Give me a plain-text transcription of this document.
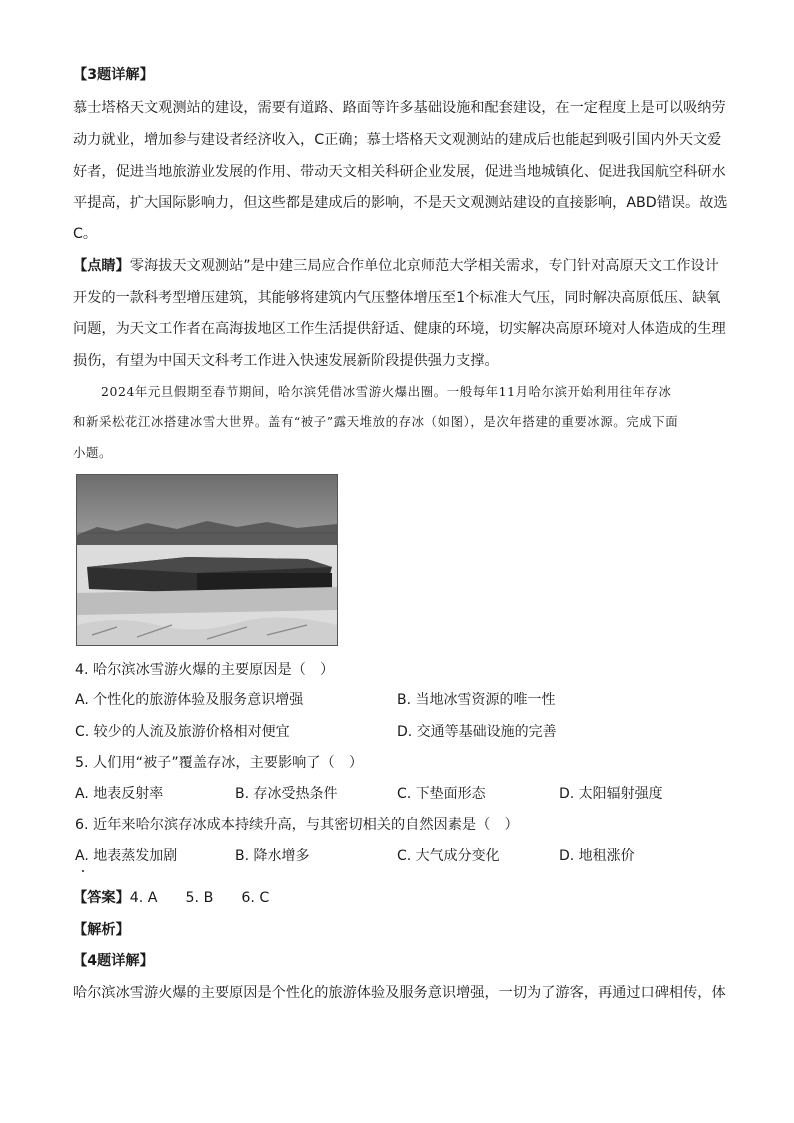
【3题详解】
慕士塔格天文观测站的建设，需要有道路、路面等许多基础设施和配套建设，在一定程度上是可以吸纳劳
动力就业，增加参与建设者经济收入，C正确；慕士塔格天文观测站的建成后也能起到吸引国内外天文爱
好者，促进当地旅游业发展的作用、带动天文相关科研企业发展，促进当地城镇化、促进我国航空科研水
平提高，扩大国际影响力，但这些都是建成后的影响，不是天文观测站建设的直接影响，ABD错误。故选
C。
【点睛】零海拔天文观测站”是中建三局应合作单位北京师范大学相关需求，专门针对高原天文工作设计
开发的一款科考型增压建筑，其能够将建筑内气压整体增压至1个标准大气压，同时解决高原低压、缺氧
问题，为天文工作者在高海拔地区工作生活提供舒适、健康的环境，切实解决高原环境对人体造成的生理
损伤，有望为中国天文科考工作进入快速发展新阶段提供强力支撑。
2024年元旦假期至春节期间，哈尔滨凭借冰雪游火爆出圈。一般每年11月哈尔滨开始利用往年存冰
和新采松花江冰搭建冰雪大世界。盖有“被子”露天堆放的存冰（如图），是次年搭建的重要冰源。完成下面
小题。
4. 哈尔滨冰雪游火爆的主要原因是（　）
A. 个性化的旅游体验及服务意识增强	B. 当地冰雪资源的唯一性
C. 较少的人流及旅游价格相对便宜	D. 交通等基础设施的完善
5. 人们用“被子”覆盖存冰，主要影响了（　）
A. 地表反射率	B. 存冰受热条件	C. 下垫面形态	D. 太阳辐射强度
6. 近年来哈尔滨存冰成本持续升高，与其密切相关的自然因素是（　）
A. 地表蒸发加剧	B. 降水增多	C. 大气成分变化	D. 地租涨价
【答案】4. A 5. B 6. C
【解析】
【4题详解】
哈尔滨冰雪游火爆的主要原因是个性化的旅游体验及服务意识增强，一切为了游客，再通过口碑相传，体
